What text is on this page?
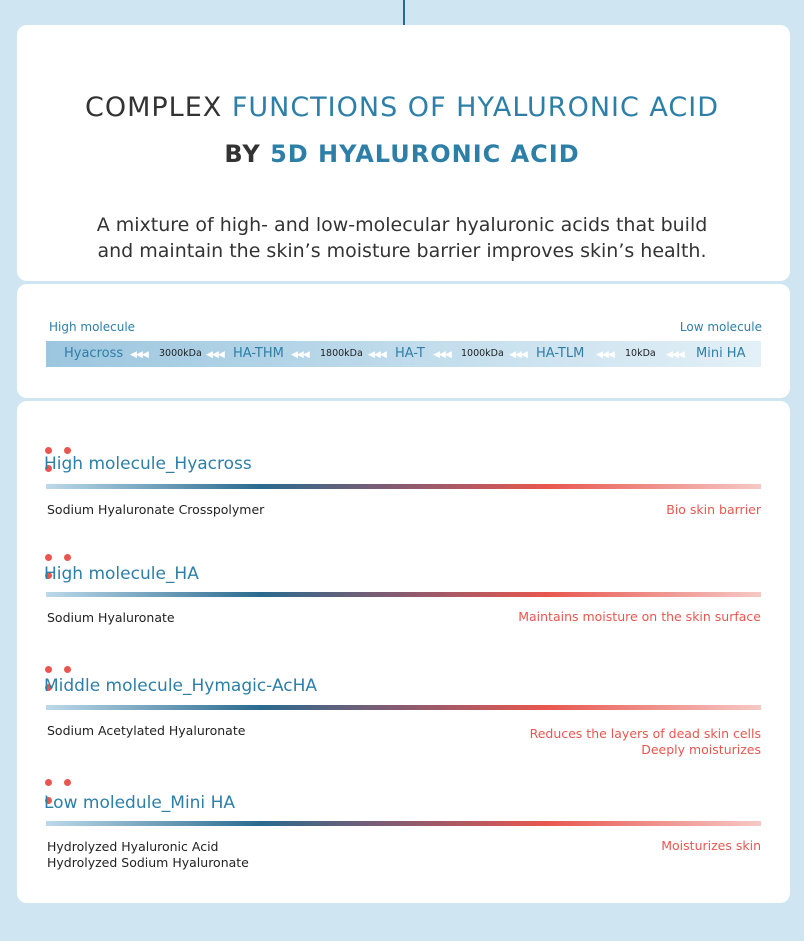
COMPLEX FUNCTIONS OF HYALURONIC ACID
BY 5D HYALURONIC ACID
A mixture of high- and low-molecular hyaluronic acids that build
and maintain the skin’s moisture barrier improves skin’s health.
High molecule	Low molecule
Hyacross ◀◀◀ 3000kDa ◀◀◀ HA-THM ◀◀◀ 1800kDa ◀◀◀ HA-T ◀◀◀ 1000kDa ◀◀◀ HA-TLM ◀◀◀ 10kDa ◀◀◀ Mini HA
High molecule_Hyacross
Sodium Hyaluronate Crosspolymer	Bio skin barrier
High molecule_HA
Sodium Hyaluronate	Maintains moisture on the skin surface
Middle molecule_Hymagic-AcHA
Sodium Acetylated Hyaluronate	Reduces the layers of dead skin cells
Deeply moisturizes
Low moledule_Mini HA
Hydrolyzed Hyaluronic Acid
Hydrolyzed Sodium Hyaluronate
Moisturizes skin
